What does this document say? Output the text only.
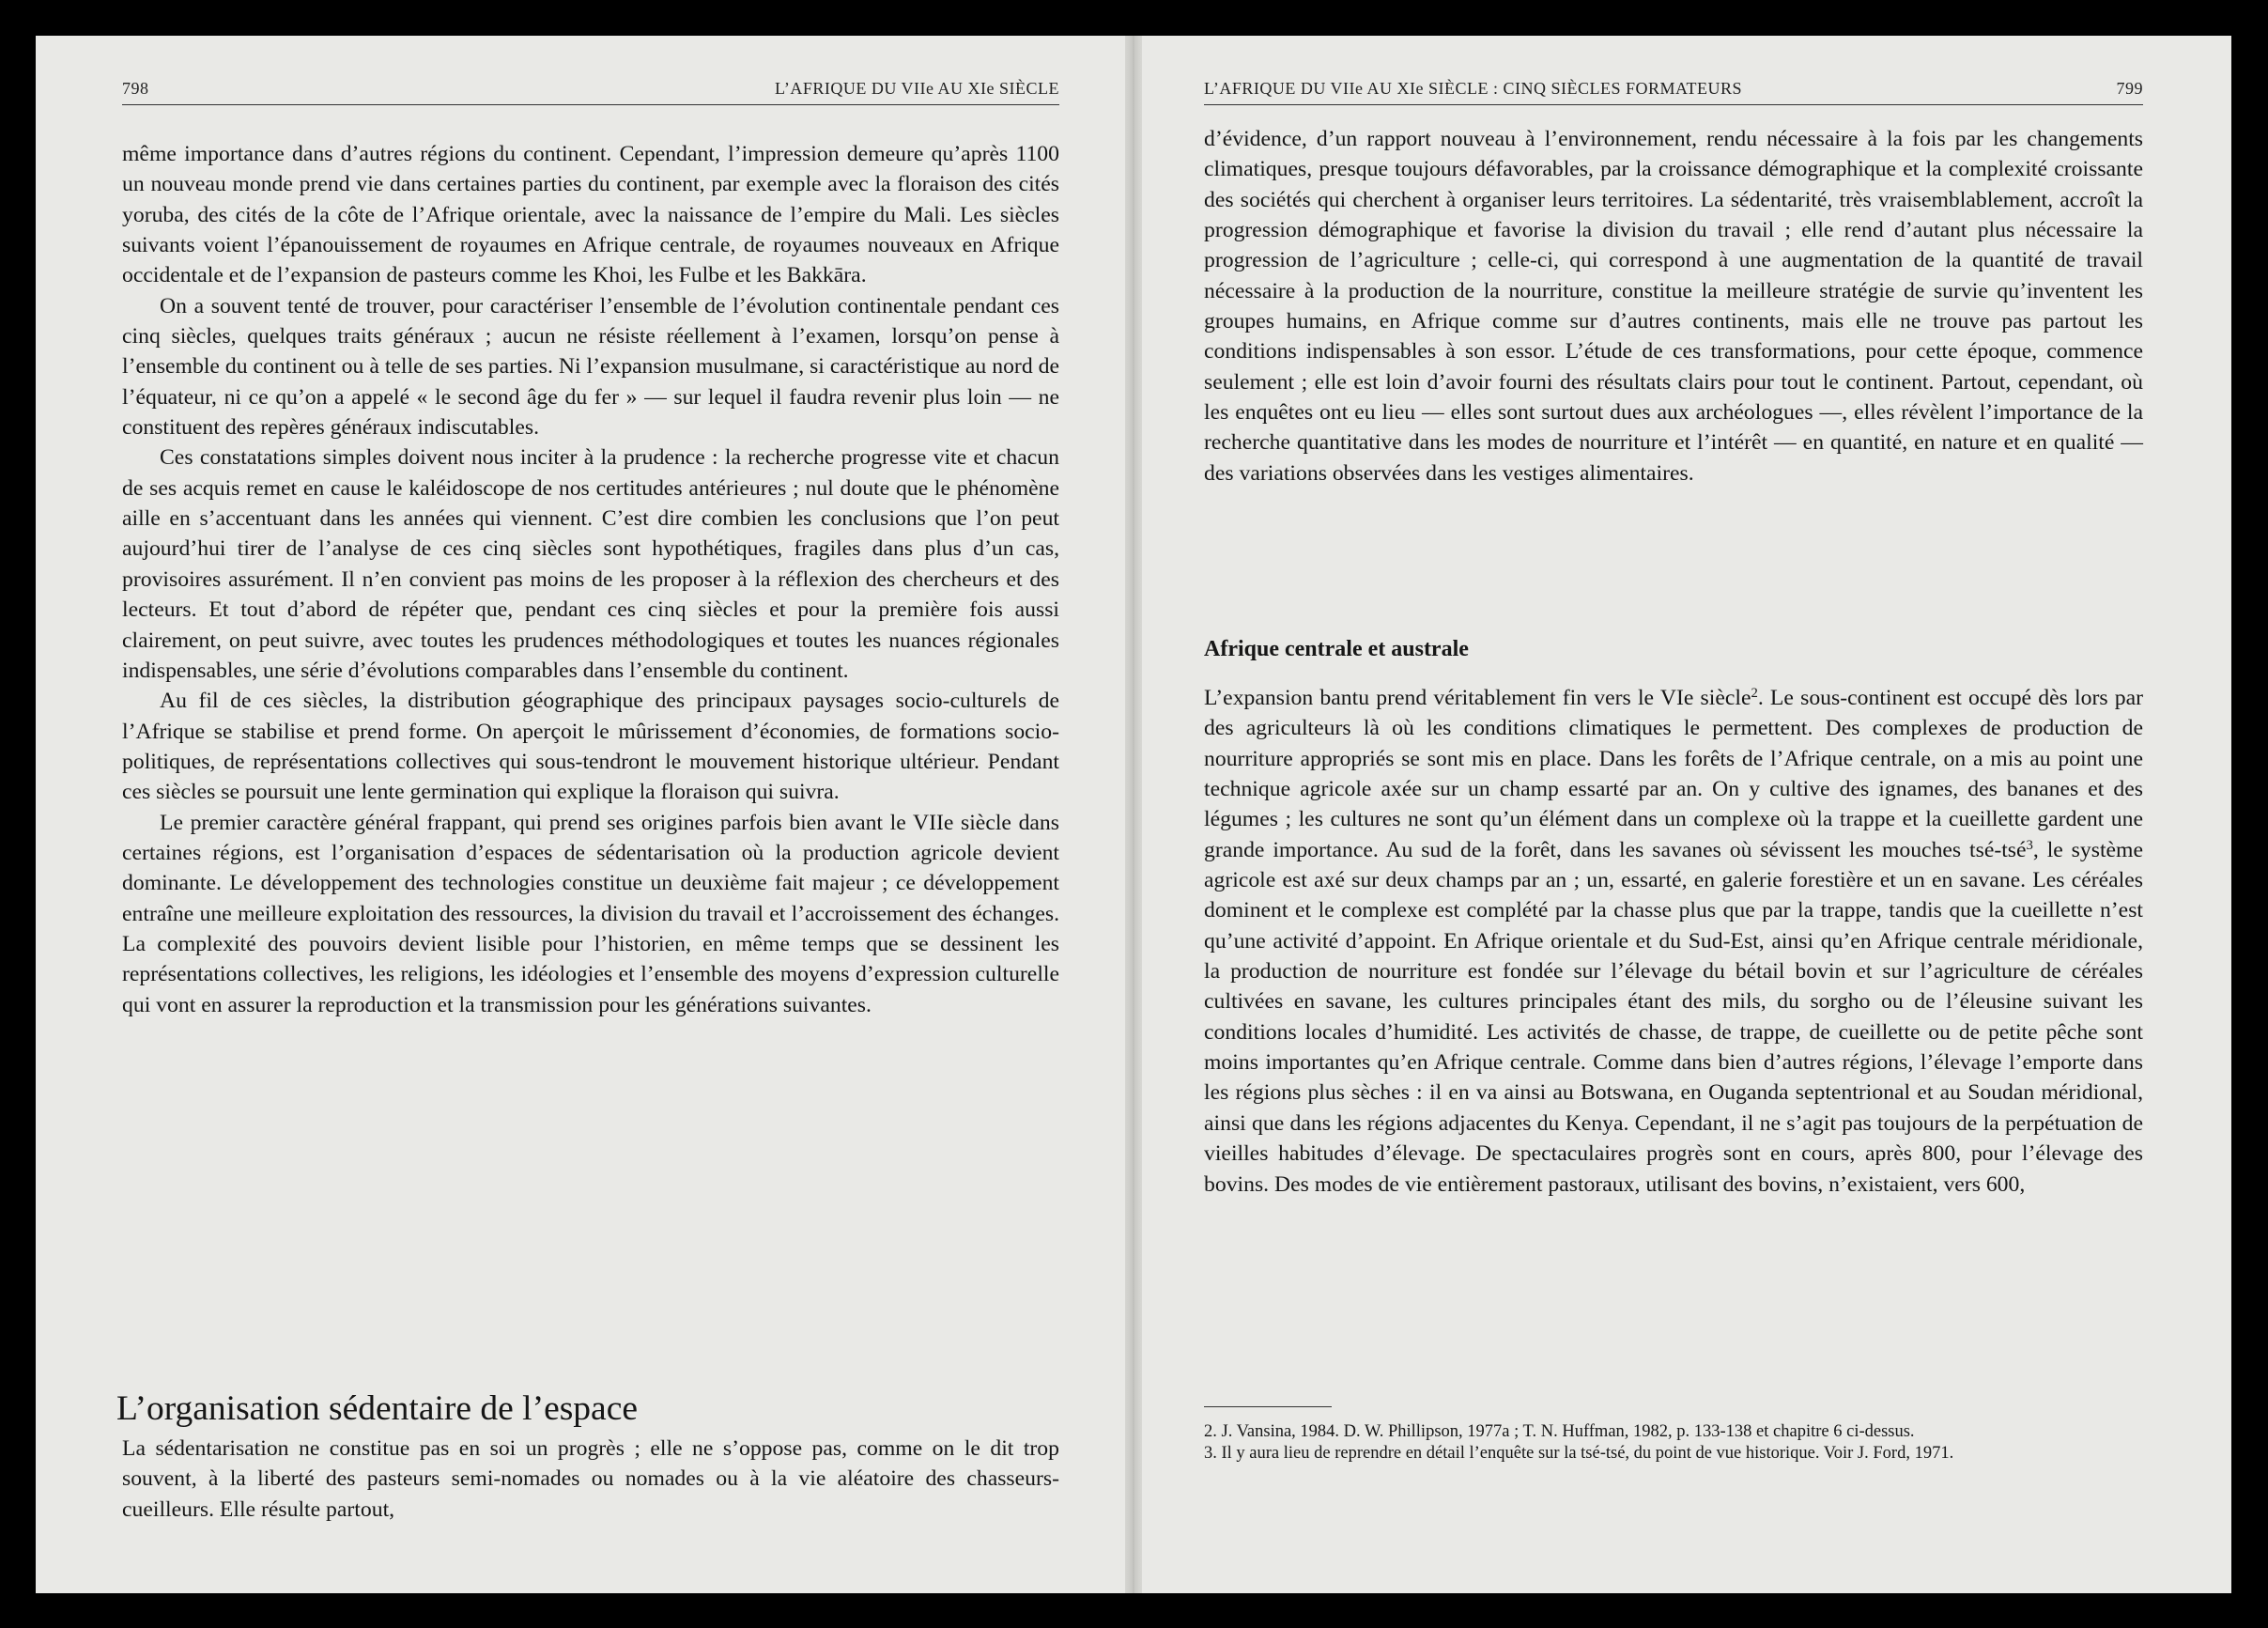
798	L’AFRIQUE DU VIIe AU XIe SIÈCLE

même importance dans d’autres régions du continent. Cependant, l’impression demeure qu’après 1100 un nouveau monde prend vie dans certaines parties du continent, par exemple avec la floraison des cités yoruba, des cités de la côte de l’Afrique orientale, avec la naissance de l’empire du Mali. Les siècles suivants voient l’épanouissement de royaumes en Afrique centrale, de royaumes nouveaux en Afrique occidentale et de l’expansion de pasteurs comme les Khoi, les Fulbe et les Bakkāra.

On a souvent tenté de trouver, pour caractériser l’ensemble de l’évolution continentale pendant ces cinq siècles, quelques traits généraux ; aucun ne résiste réellement à l’examen, lorsqu’on pense à l’ensemble du continent ou à telle de ses parties. Ni l’expansion musulmane, si caractéristique au nord de l’équateur, ni ce qu’on a appelé « le second âge du fer » — sur lequel il faudra revenir plus loin — ne constituent des repères généraux indiscutables.

Ces constatations simples doivent nous inciter à la prudence : la recherche progresse vite et chacun de ses acquis remet en cause le kaléidoscope de nos certitudes antérieures ; nul doute que le phénomène aille en s’accentuant dans les années qui viennent. C’est dire combien les conclusions que l’on peut aujourd’hui tirer de l’analyse de ces cinq siècles sont hypothétiques, fragiles dans plus d’un cas, provisoires assurément. Il n’en convient pas moins de les proposer à la réflexion des chercheurs et des lecteurs. Et tout d’abord de répéter que, pendant ces cinq siècles et pour la première fois aussi clairement, on peut suivre, avec toutes les prudences méthodologiques et toutes les nuances régionales indispensables, une série d’évolutions comparables dans l’ensemble du continent.

Au fil de ces siècles, la distribution géographique des principaux paysages socio-culturels de l’Afrique se stabilise et prend forme. On aperçoit le mûrissement d’économies, de formations socio-politiques, de représentations collectives qui sous-tendront le mouvement historique ultérieur. Pendant ces siècles se poursuit une lente germination qui explique la floraison qui suivra.

Le premier caractère général frappant, qui prend ses origines parfois bien avant le VIIe siècle dans certaines régions, est l’organisation d’espaces de sédentarisation où la production agricole devient dominante. Le développement des technologies constitue un deuxième fait majeur ; ce développement entraîne une meilleure exploitation des ressources, la division du travail et l’accroissement des échanges. La complexité des pouvoirs devient lisible pour l’historien, en même temps que se dessinent les représentations collectives, les religions, les idéologies et l’ensemble des moyens d’expression culturelle qui vont en assurer la reproduction et la transmission pour les générations suivantes.

L’organisation sédentaire de l’espace

La sédentarisation ne constitue pas en soi un progrès ; elle ne s’oppose pas, comme on le dit trop souvent, à la liberté des pasteurs semi-nomades ou nomades ou à la vie aléatoire des chasseurs-cueilleurs. Elle résulte partout,

L’AFRIQUE DU VIIe AU XIe SIÈCLE : CINQ SIÈCLES FORMATEURS	799

d’évidence, d’un rapport nouveau à l’environnement, rendu nécessaire à la fois par les changements climatiques, presque toujours défavorables, par la croissance démographique et la complexité croissante des sociétés qui cherchent à organiser leurs territoires. La sédentarité, très vraisemblablement, accroît la progression démographique et favorise la division du travail ; elle rend d’autant plus nécessaire la progression de l’agriculture ; celle-ci, qui correspond à une augmentation de la quantité de travail nécessaire à la production de la nourriture, constitue la meilleure stratégie de survie qu’inventent les groupes humains, en Afrique comme sur d’autres continents, mais elle ne trouve pas partout les conditions indispensables à son essor. L’étude de ces transformations, pour cette époque, commence seulement ; elle est loin d’avoir fourni des résultats clairs pour tout le continent. Partout, cependant, où les enquêtes ont eu lieu — elles sont surtout dues aux archéologues —, elles révèlent l’importance de la recherche quantitative dans les modes de nourriture et l’intérêt — en quantité, en nature et en qualité — des variations observées dans les vestiges alimentaires.

Afrique centrale et australe

L’expansion bantu prend véritablement fin vers le VIe siècle$^2$. Le sous-continent est occupé dès lors par des agriculteurs là où les conditions climatiques le permettent. Des complexes de production de nourriture appropriés se sont mis en place. Dans les forêts de l’Afrique centrale, on a mis au point une technique agricole axée sur un champ essarté par an. On y cultive des ignames, des bananes et des légumes ; les cultures ne sont qu’un élément dans un complexe où la trappe et la cueillette gardent une grande importance. Au sud de la forêt, dans les savanes où sévissent les mouches tsé-tsé$^3$, le système agricole est axé sur deux champs par an ; un, essarté, en galerie forestière et un en savane. Les céréales dominent et le complexe est complété par la chasse plus que par la trappe, tandis que la cueillette n’est qu’une activité d’appoint. En Afrique orientale et du Sud-Est, ainsi qu’en Afrique centrale méridionale, la production de nourriture est fondée sur l’élevage du bétail bovin et sur l’agriculture de céréales cultivées en savane, les cultures principales étant des mils, du sorgho ou de l’éleusine suivant les conditions locales d’humidité. Les activités de chasse, de trappe, de cueillette ou de petite pêche sont moins importantes qu’en Afrique centrale. Comme dans bien d’autres régions, l’élevage l’emporte dans les régions plus sèches : il en va ainsi au Botswana, en Ouganda septentrional et au Soudan méridional, ainsi que dans les régions adjacentes du Kenya. Cependant, il ne s’agit pas toujours de la perpétuation de vieilles habitudes d’élevage. De spectaculaires progrès sont en cours, après 800, pour l’élevage des bovins. Des modes de vie entièrement pastoraux, utilisant des bovins, n’existaient, vers 600,

2. J. Vansina, 1984. D. W. Phillipson, 1977a ; T. N. Huffman, 1982, p. 133-138 et chapitre 6 ci-dessus.

3. Il y aura lieu de reprendre en détail l’enquête sur la tsé-tsé, du point de vue historique. Voir J. Ford, 1971.
